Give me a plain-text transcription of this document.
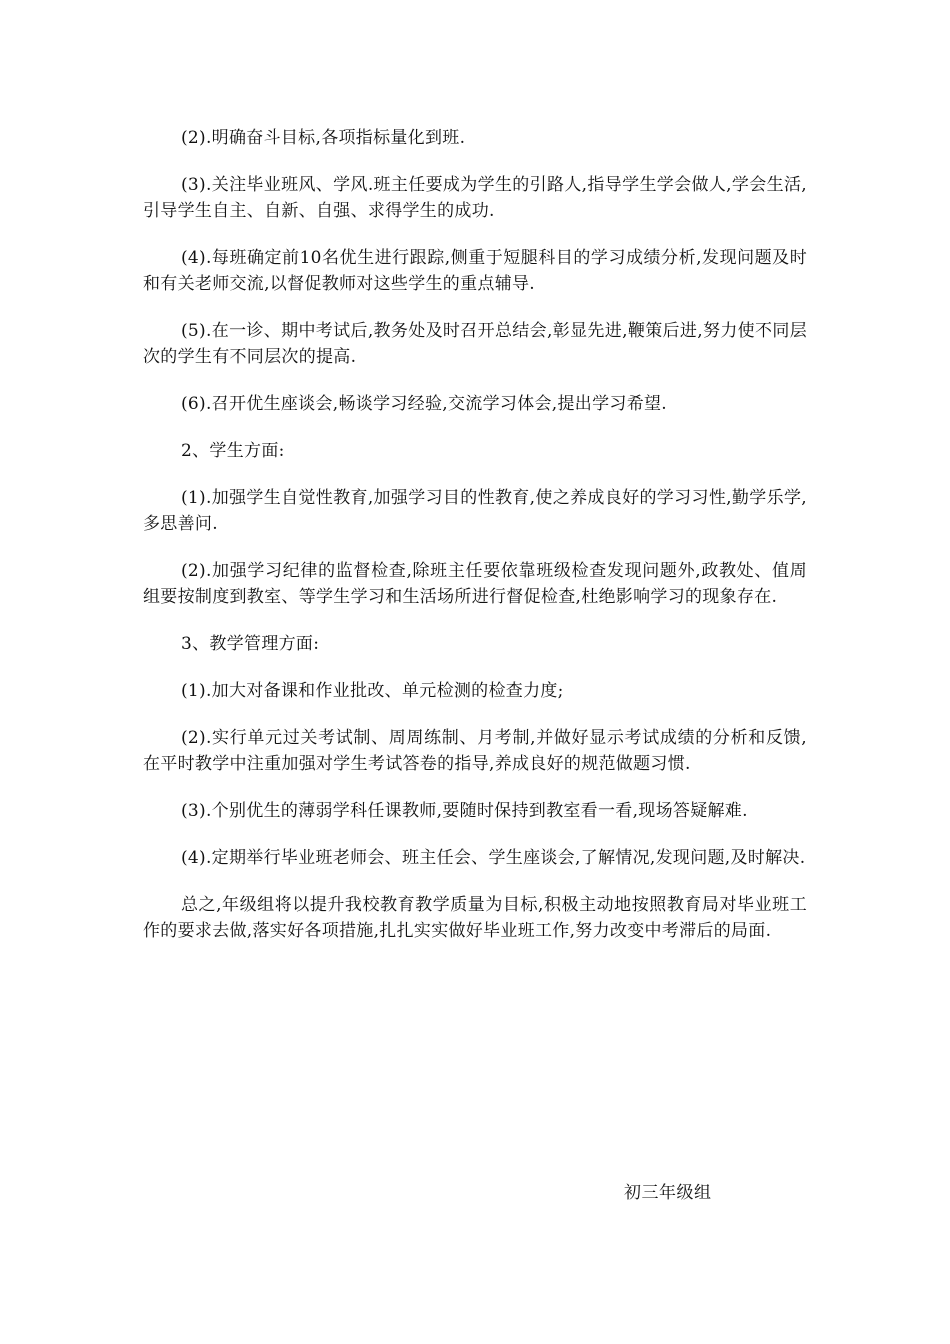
(2).明确奋斗目标,各项指标量化到班.

(3).关注毕业班风、学风.班主任要成为学生的引路人,指导学生学会做人,学会生活,引导学生自主、自新、自强、求得学生的成功.

(4).每班确定前10名优生进行跟踪,侧重于短腿科目的学习成绩分析,发现问题及时和有关老师交流,以督促教师对这些学生的重点辅导.

(5).在一诊、期中考试后,教务处及时召开总结会,彰显先进,鞭策后进,努力使不同层次的学生有不同层次的提高.

(6).召开优生座谈会,畅谈学习经验,交流学习体会,提出学习希望.

2、学生方面:

(1).加强学生自觉性教育,加强学习目的性教育,使之养成良好的学习习性,勤学乐学,多思善问.

(2).加强学习纪律的监督检查,除班主任要依靠班级检查发现问题外,政教处、值周组要按制度到教室、等学生学习和生活场所进行督促检查,杜绝影响学习的现象存在.

3、教学管理方面:

(1).加大对备课和作业批改、单元检测的检查力度;

(2).实行单元过关考试制、周周练制、月考制,并做好显示考试成绩的分析和反馈,在平时教学中注重加强对学生考试答卷的指导,养成良好的规范做题习惯.

(3).个别优生的薄弱学科任课教师,要随时保持到教室看一看,现场答疑解难.

(4).定期举行毕业班老师会、班主任会、学生座谈会,了解情况,发现问题,及时解决.

总之,年级组将以提升我校教育教学质量为目标,积极主动地按照教育局对毕业班工作的要求去做,落实好各项措施,扎扎实实做好毕业班工作,努力改变中考滞后的局面.

初三年级组
